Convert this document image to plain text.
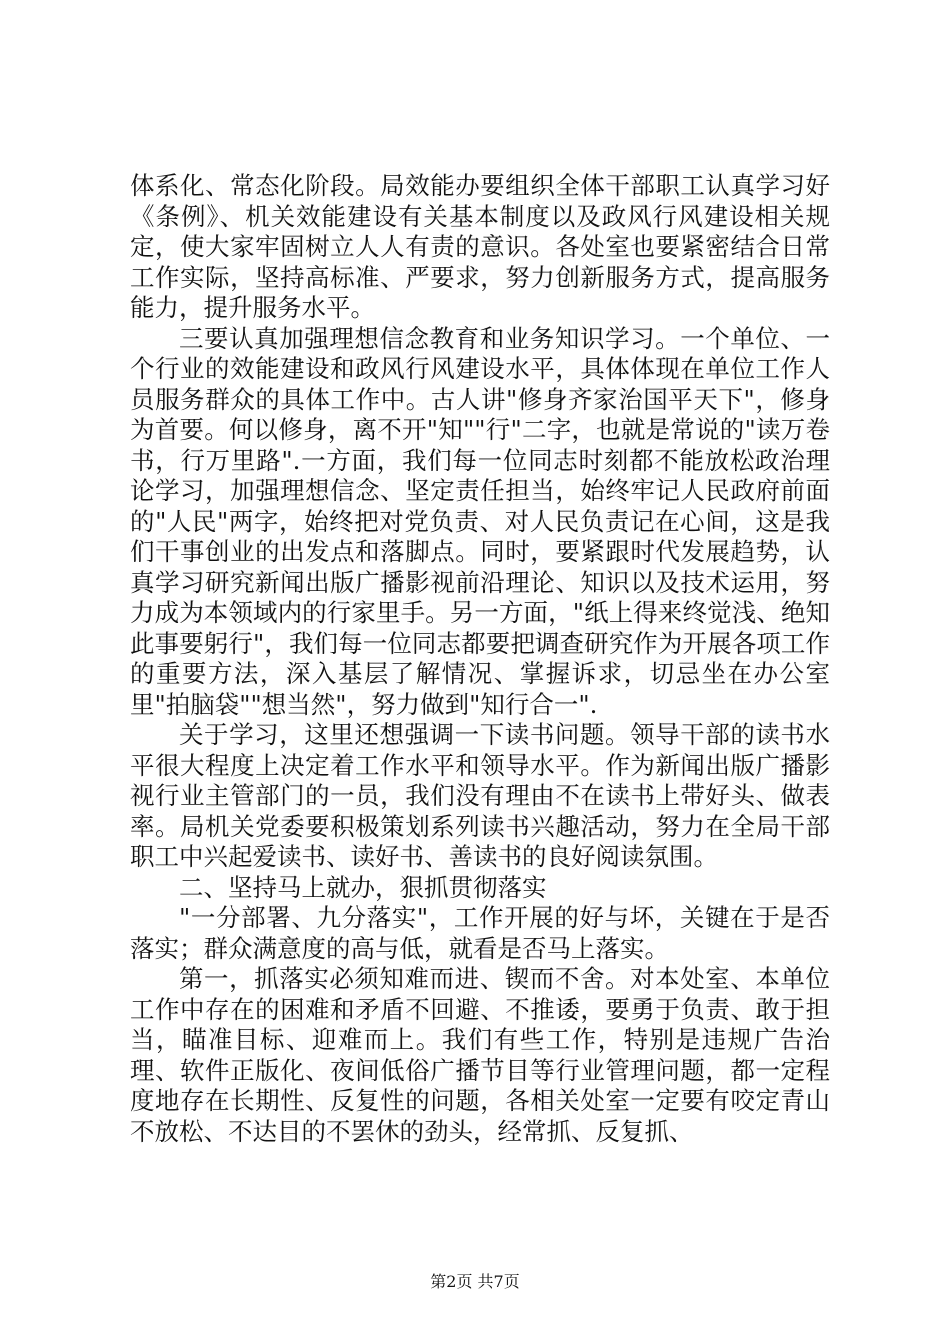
体系化、常态化阶段。局效能办要组织全体干部职工认真学习好《条例》、机关效能建设有关基本制度以及政风行风建设相关规定，使大家牢固树立人人有责的意识。各处室也要紧密结合日常工作实际，坚持高标准、严要求，努力创新服务方式，提高服务能力，提升服务水平。

三要认真加强理想信念教育和业务知识学习。一个单位、一个行业的效能建设和政风行风建设水平，具体体现在单位工作人员服务群众的具体工作中。古人讲"修身齐家治国平天下"，修身为首要。何以修身，离不开"知""行"二字，也就是常说的"读万卷书，行万里路".一方面，我们每一位同志时刻都不能放松政治理论学习，加强理想信念、坚定责任担当，始终牢记人民政府前面的"人民"两字，始终把对党负责、对人民负责记在心间，这是我们干事创业的出发点和落脚点。同时，要紧跟时代发展趋势，认真学习研究新闻出版广播影视前沿理论、知识以及技术运用，努力成为本领域内的行家里手。另一方面，"纸上得来终觉浅、绝知此事要躬行"，我们每一位同志都要把调查研究作为开展各项工作的重要方法，深入基层了解情况、掌握诉求，切忌坐在办公室里"拍脑袋""想当然"，努力做到"知行合一".

关于学习，这里还想强调一下读书问题。领导干部的读书水平很大程度上决定着工作水平和领导水平。作为新闻出版广播影视行业主管部门的一员，我们没有理由不在读书上带好头、做表率。局机关党委要积极策划系列读书兴趣活动，努力在全局干部职工中兴起爱读书、读好书、善读书的良好阅读氛围。

二、坚持马上就办，狠抓贯彻落实

"一分部署、九分落实"，工作开展的好与坏，关键在于是否落实；群众满意度的高与低，就看是否马上落实。

第一，抓落实必须知难而进、锲而不舍。对本处室、本单位工作中存在的困难和矛盾不回避、不推诿，要勇于负责、敢于担当，瞄准目标、迎难而上。我们有些工作，特别是违规广告治理、软件正版化、夜间低俗广播节目等行业管理问题，都一定程度地存在长期性、反复性的问题，各相关处室一定要有咬定青山不放松、不达目的不罢休的劲头，经常抓、反复抓、

第2页 共7页
